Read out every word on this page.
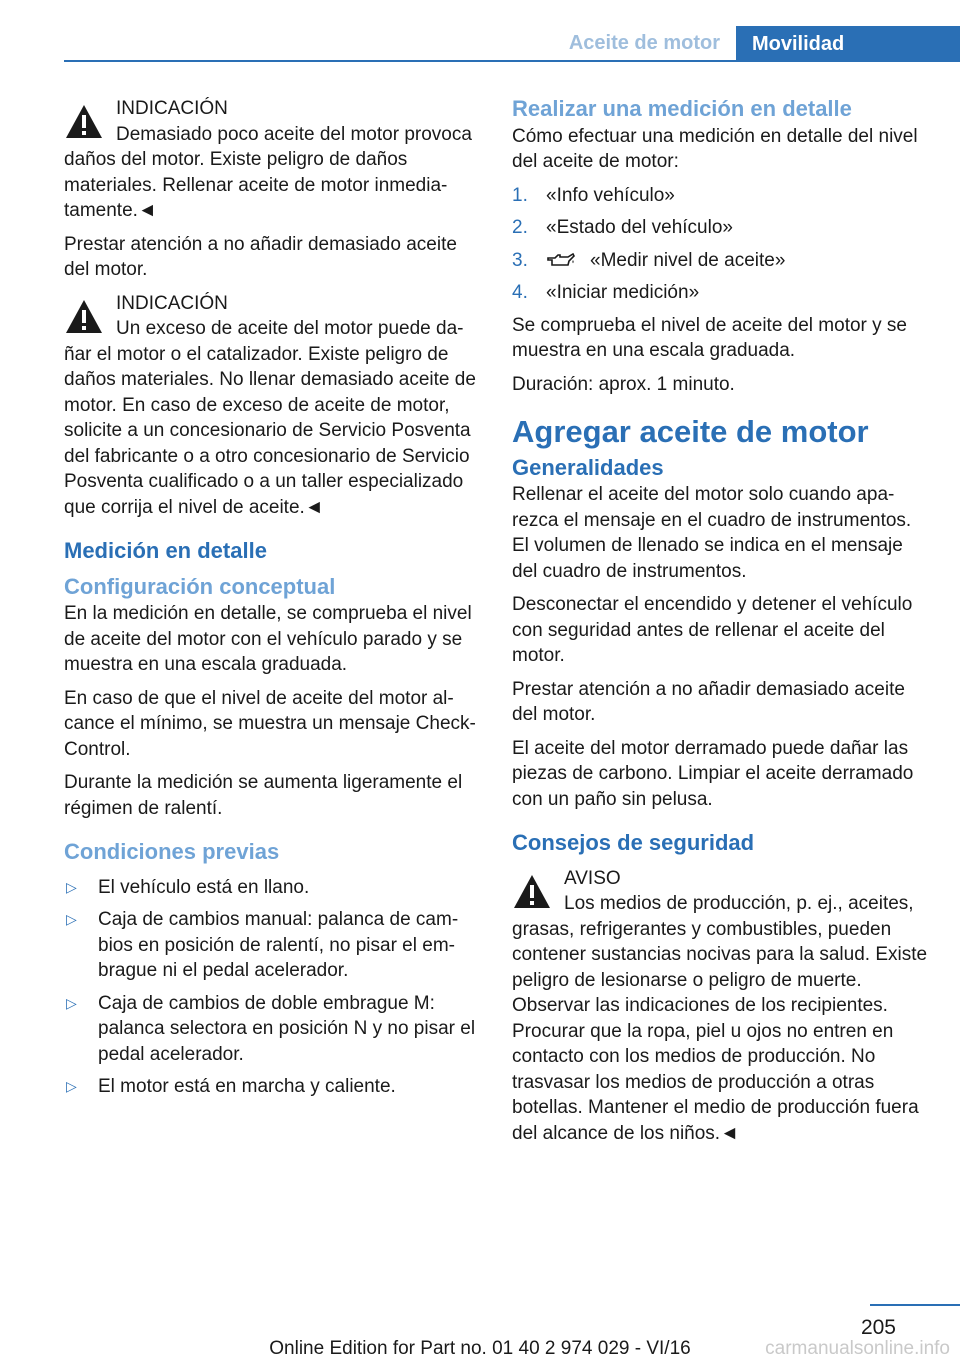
Aceite de motor	Movilidad
INDICACIÓN
Demasiado poco aceite del motor provoca daños del motor. Existe peligro de daños materiales. Rellenar aceite de motor inmediatamente.◄

Prestar atención a no añadir demasiado aceite del motor.

INDICACIÓN
Un exceso de aceite del motor puede dañar el motor o el catalizador. Existe peligro de daños materiales. No llenar demasiado aceite de motor. En caso de exceso de aceite de motor, solicite a un concesionario de Servicio Posventa del fabricante o a otro concesionario de Servicio Posventa cualificado o a un taller especializado que corrija el nivel de aceite.◄
Medición en detalle
Configuración conceptual

En la medición en detalle, se comprueba el nivel de aceite del motor con el vehículo parado y se muestra en una escala graduada.

En caso de que el nivel de aceite del motor alcance el mínimo, se muestra un mensaje Check-Control.

Durante la medición se aumenta ligeramente el régimen de ralentí.

Condiciones previas
▷ El vehículo está en llano.
▷ Caja de cambios manual: palanca de cambios en posición de ralentí, no pisar el embrague ni el pedal acelerador.
▷ Caja de cambios de doble embrague M: palanca selectora en posición N y no pisar el pedal acelerador.
▷ El motor está en marcha y caliente.
Realizar una medición en detalle

Cómo efectuar una medición en detalle del nivel del aceite de motor:

1. «Info vehículo»
2. «Estado del vehículo»
3.	«Medir nivel de aceite»
4. «Iniciar medición»

Se comprueba el nivel de aceite del motor y se muestra en una escala graduada.

Duración: aprox. 1 minuto.

Agregar aceite de motor
Generalidades

Rellenar el aceite del motor solo cuando aparezca el mensaje en el cuadro de instrumentos. El volumen de llenado se indica en el mensaje del cuadro de instrumentos.

Desconectar el encendido y detener el vehículo con seguridad antes de rellenar el aceite del motor.

Prestar atención a no añadir demasiado aceite del motor.

El aceite del motor derramado puede dañar las piezas de carbono. Limpiar el aceite derramado con un paño sin pelusa.

Consejos de seguridad
AVISO
Los medios de producción, p. ej., aceites, grasas, refrigerantes y combustibles, pueden contener sustancias nocivas para la salud. Existe peligro de lesionarse o peligro de muerte. Observar las indicaciones de los recipientes. Procurar que la ropa, piel u ojos no entren en contacto con los medios de producción. No trasvasar los medios de producción a otras botellas. Mantener el medio de producción fuera del alcance de los niños.◄
205
Online Edition for Part no. 01 40 2 974 029 - VI/16	carmanualsonline.info
